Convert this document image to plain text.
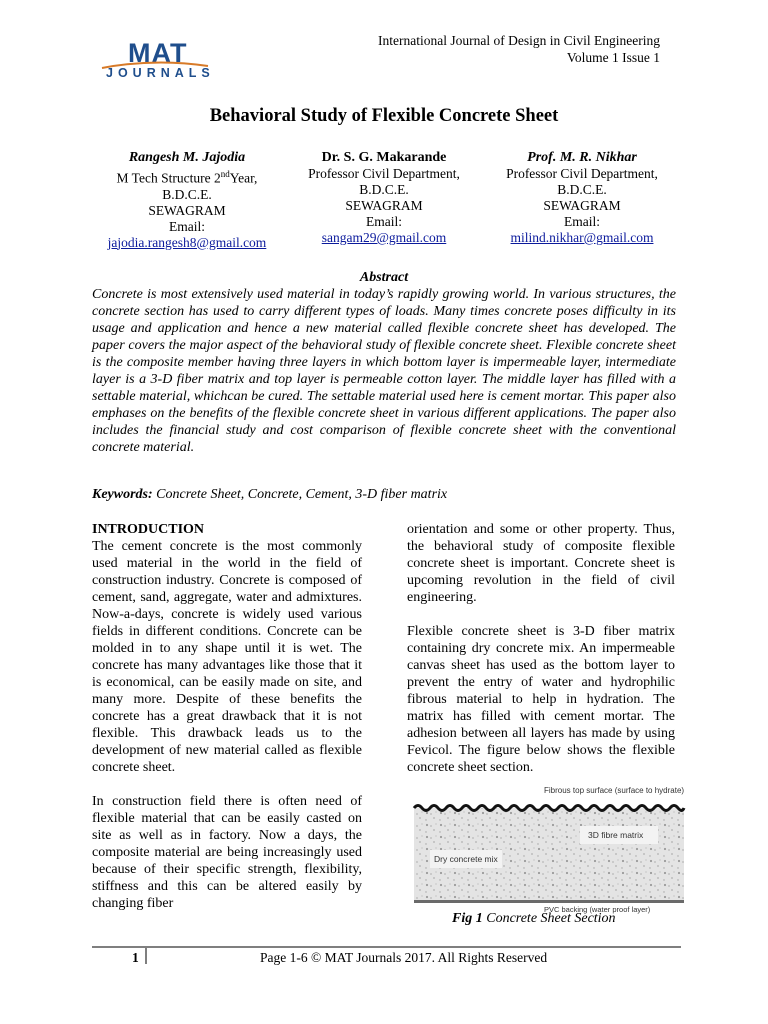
MAT
JOURNALS
International Journal of Design in Civil Engineering
Volume 1 Issue 1
Behavioral Study of Flexible Concrete Sheet
Rangesh M. Jajodia
M Tech Structure 2ndYear,
B.D.C.E.
SEWAGRAM
Email:
jajodia.rangesh8@gmail.com
Dr. S. G. Makarande
Professor Civil Department,
B.D.C.E.
SEWAGRAM
Email:
sangam29@gmail.com
Prof. M. R. Nikhar
Professor Civil Department,
B.D.C.E.
SEWAGRAM
Email:
milind.nikhar@gmail.com
Abstract
Concrete is most extensively used material in today’s rapidly growing world. In various structures, the concrete section has used to carry different types of loads. Many times concrete poses difficulty in its usage and application and hence a new material called flexible concrete sheet has developed. The paper covers the major aspect of the behavioral study of flexible concrete sheet. Flexible concrete sheet is the composite member having three layers in which bottom layer is impermeable layer, intermediate layer is a 3-D fiber matrix and top layer is permeable cotton layer. The middle layer has filled with a settable material, whichcan be cured. The settable material used here is cement mortar. This paper also emphases on the benefits of the flexible concrete sheet in various different applications. The paper also includes the financial study and cost comparison of flexible concrete sheet with the conventional concrete material.
Keywords: Concrete Sheet, Concrete, Cement, 3-D fiber matrix

INTRODUCTION

The cement concrete is the most commonly used material in the world in the field of construction industry. Concrete is composed of cement, sand, aggregate, water and admixtures. Now-a-days, concrete is widely used various fields in different conditions. Concrete can be molded in to any shape until it is wet. The concrete has many advantages like those that it is economical, can be easily made on site, and many more. Despite of these benefits the concrete has a great drawback that it is not flexible. This drawback leads us to the development of new material called as flexible concrete sheet.

In construction field there is often need of flexible material that can be easily casted on site as well as in factory. Now a days, the composite material are being increasingly used because of their specific strength, flexibility, stiffness and this can be altered easily by changing fiber

orientation and some or other property. Thus, the behavioral study of composite flexible concrete sheet is important. Concrete sheet is upcoming revolution in the field of civil engineering.

Flexible concrete sheet is 3-D fiber matrix containing dry concrete mix. An impermeable canvas sheet has used as the bottom layer to prevent the entry of water and hydrophilic fibrous material to help in hydration. The matrix has filled with cement mortar. The adhesion between all layers has made by using Fevicol. The figure below shows the flexible concrete sheet section.

Fibrous top surface (surface to hydrate)
3D fibre matrix
Dry concrete mix
PVC backing (water proof layer)
Fig 1 Concrete Sheet Section
1	Page 1-6 © MAT Journals 2017. All Rights Reserved
